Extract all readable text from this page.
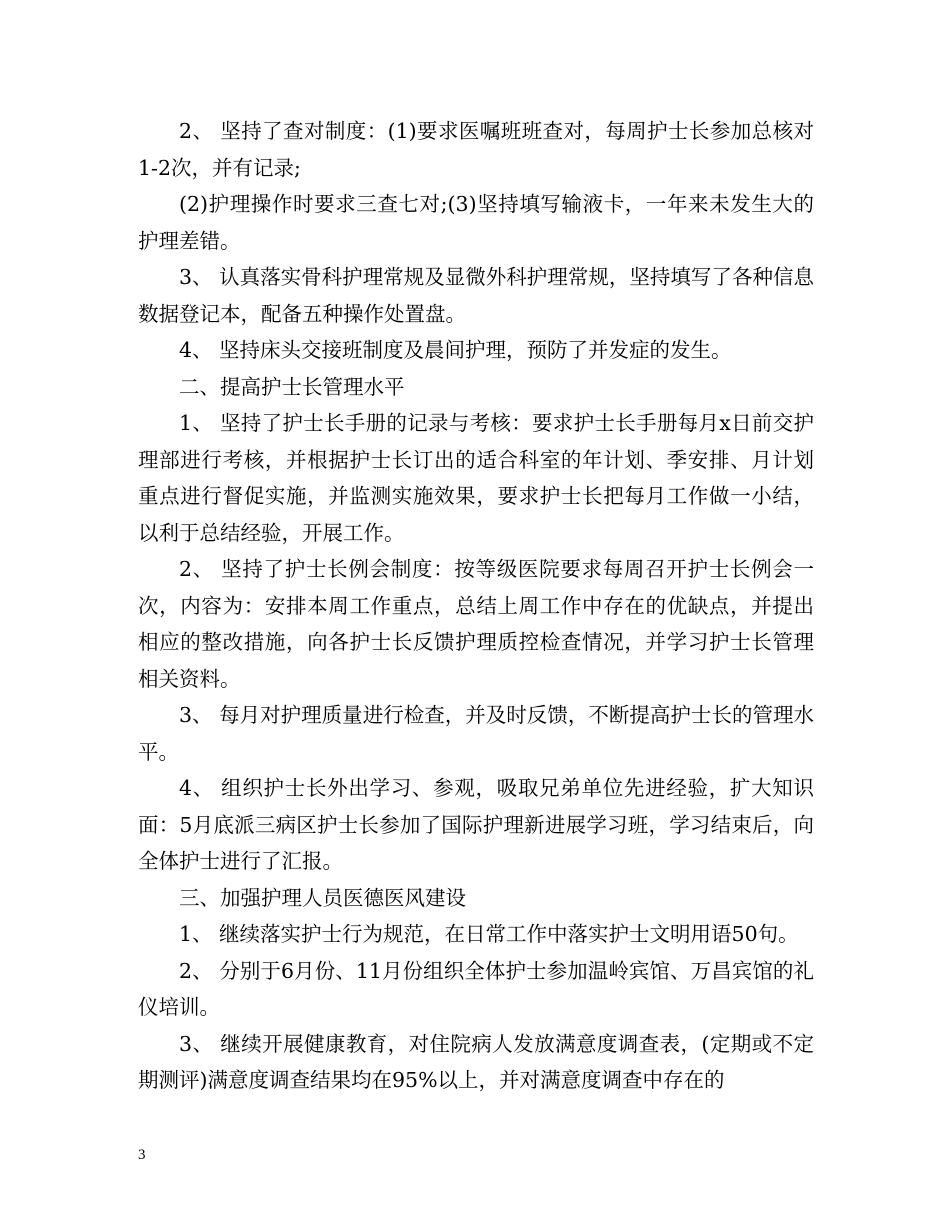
2、 坚持了查对制度：(1)要求医嘱班班查对，每周护士长参加总核对1-2次，并有记录;

(2)护理操作时要求三查七对;(3)坚持填写输液卡，一年来未发生大的护理差错。

3、 认真落实骨科护理常规及显微外科护理常规，坚持填写了各种信息数据登记本，配备五种操作处置盘。

4、 坚持床头交接班制度及晨间护理，预防了并发症的发生。

二、提高护士长管理水平

1、 坚持了护士长手册的记录与考核：要求护士长手册每月x日前交护理部进行考核，并根据护士长订出的适合科室的年计划、季安排、月计划重点进行督促实施，并监测实施效果，要求护士长把每月工作做一小结，以利于总结经验，开展工作。

2、 坚持了护士长例会制度：按等级医院要求每周召开护士长例会一次，内容为：安排本周工作重点，总结上周工作中存在的优缺点，并提出相应的整改措施，向各护士长反馈护理质控检查情况，并学习护士长管理相关资料。

3、 每月对护理质量进行检查，并及时反馈，不断提高护士长的管理水平。

4、 组织护士长外出学习、参观，吸取兄弟单位先进经验，扩大知识面：5月底派三病区护士长参加了国际护理新进展学习班，学习结束后，向全体护士进行了汇报。

三、加强护理人员医德医风建设

1、 继续落实护士行为规范，在日常工作中落实护士文明用语50句。

2、 分别于6月份、11月份组织全体护士参加温岭宾馆、万昌宾馆的礼仪培训。

3、 继续开展健康教育，对住院病人发放满意度调查表，(定期或不定期测评)满意度调查结果均在95%以上，并对满意度调查中存在的

3
